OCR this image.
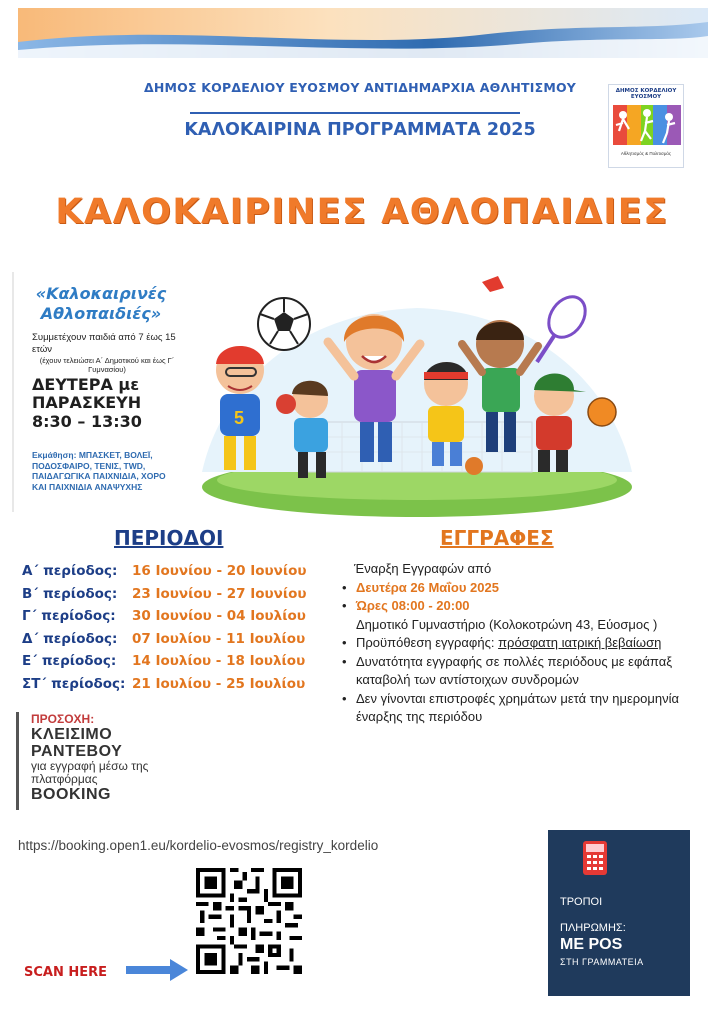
ΔΗΜΟΣ ΚΟΡΔΕΛΙΟΥ ΕΥΟΣΜΟΥ ΑΝΤΙΔΗΜΑΡΧΙΑ ΑΘΛΗΤΙΣΜΟΥ
ΚΑΛΟΚΑΙΡΙΝΑ ΠΡΟΓΡΑΜΜΑΤΑ 2025
ΔΗΜΟΣ ΚΟΡΔΕΛΙΟΥ ΕΥΟΣΜΟΥ
Αθλητισμός & Πολιτισμός
ΚΑΛΟΚΑΙΡΙΝΕΣ ΑΘΛΟΠΑΙΔΙΕΣ
«Καλοκαιρινές Αθλοπαιδιές»
Συμμετέχουν παιδιά από 7 έως 15 ετών
(έχουν τελειώσει Α΄ Δημοτικού και έως Γ΄ Γυμνασίου)
ΔΕΥΤΕΡΑ με ΠΑΡΑΣΚΕΥΗ
8:30 – 13:30
Εκμάθηση: ΜΠΑΣΚΕΤ, ΒΟΛΕΪ, ΠΟΔΟΣΦΑΙΡΟ, ΤΕΝΙΣ, TWD, ΠΑΙΔΑΓΩΓΙΚΑ ΠΑΙΧΝΙΔΙΑ, ΧΟΡΟ ΚΑΙ ΠΑΙΧΝΙΔΙΑ ΑΝΑΨΥΧΗΣ
5
ΠΕΡΙΟΔΟΙ	ΕΓΓΡΑΦΕΣ
Α΄ περίοδος: 16 Ιουνίου - 20 Ιουνίου
Β΄ περίοδος: 23 Ιουνίου - 27 Ιουνίου
Γ΄ περίοδος: 30 Ιουνίου - 04 Ιουλίου
Δ΄ περίοδος: 07 Ιουλίου - 11 Ιουλίου
Ε΄ περίοδος: 14 Ιουλίου - 18 Ιουλίου
ΣΤ΄ περίοδος: 21 Ιουλίου - 25 Ιουλίου
Έναρξη Εγγραφών από
• Δευτέρα 26 Μαΐου 2025
• Ώρες 08:00 - 20:00
Δημοτικό Γυμναστήριο (Κολοκοτρώνη 43, Εύοσμος )
• Προϋπόθεση εγγραφής: πρόσφατη ιατρική βεβαίωση
• Δυνατότητα εγγραφής σε πολλές περιόδους με εφάπαξ καταβολή των αντίστοιχων συνδρομών
• Δεν γίνονται επιστροφές χρημάτων μετά την ημερομηνία έναρξης της περιόδου
ΠΡΟΣΟΧΗ:
ΚΛΕΙΣΙΜΟ ΡΑΝΤΕΒΟΥ
για εγγραφή μέσω της πλατφόρμας
BOOKING
https://booking.open1.eu/kordelio-evosmos/registry_kordelio
SCAN HERE
ΤΡΟΠΟΙ
ΠΛΗΡΩΜΗΣ:
ΜΕ POS
ΣΤΗ ΓΡΑΜΜΑΤΕΙΑ
